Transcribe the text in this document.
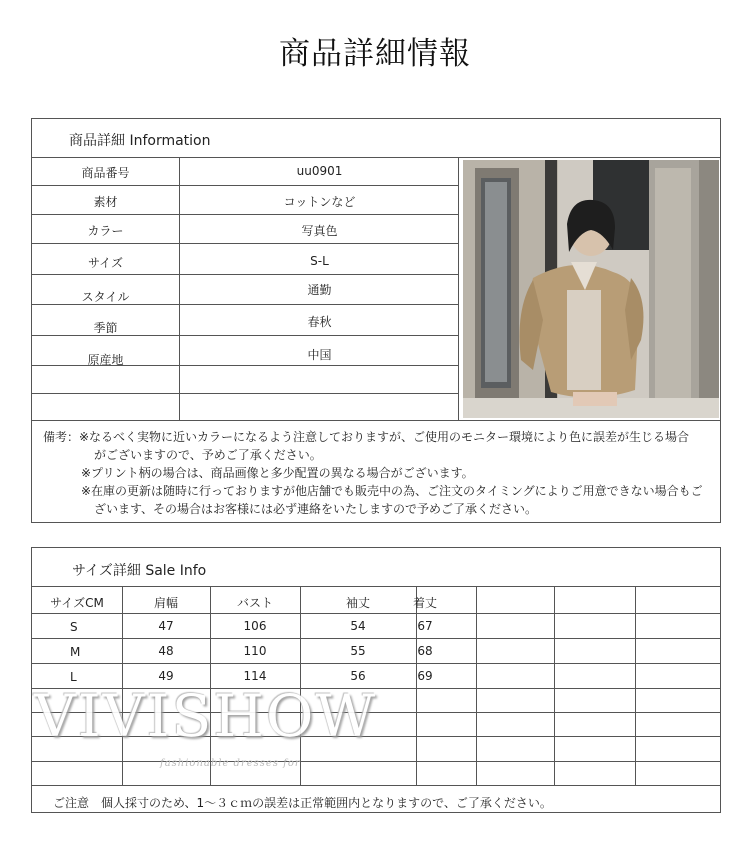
商品詳細情報
商品詳細 Information
商品番号	uu0901
素材	コットンなど
カラー	写真色
サイズ	S-L
スタイル	通勤
季節	春秋
原産地	中国
備考：※なるべく実物に近いカラーになるよう注意しておりますが、ご使用のモニター環境により色に誤差が生じる場合
がございますので、予めご了承ください。
※プリント柄の場合は、商品画像と多少配置の異なる場合がございます。
※在庫の更新は随時に行っておりますが他店舗でも販売中の為、ご注文のタイミングによりご用意できない場合もご
ざいます、その場合はお客様には必ず連絡をいたしますので予めご了承ください。
サイズ詳細 Sale Info
サイズCM	肩幅	バスト	袖丈	着丈
S	47	106	54	67
M	48	110	55	68
L	49	114	56	69
ご注意　個人採寸のため、1～３ｃｍの誤差は正常範囲内となりますので、ご了承ください。
VIVISHOW
fashionable dresses for
